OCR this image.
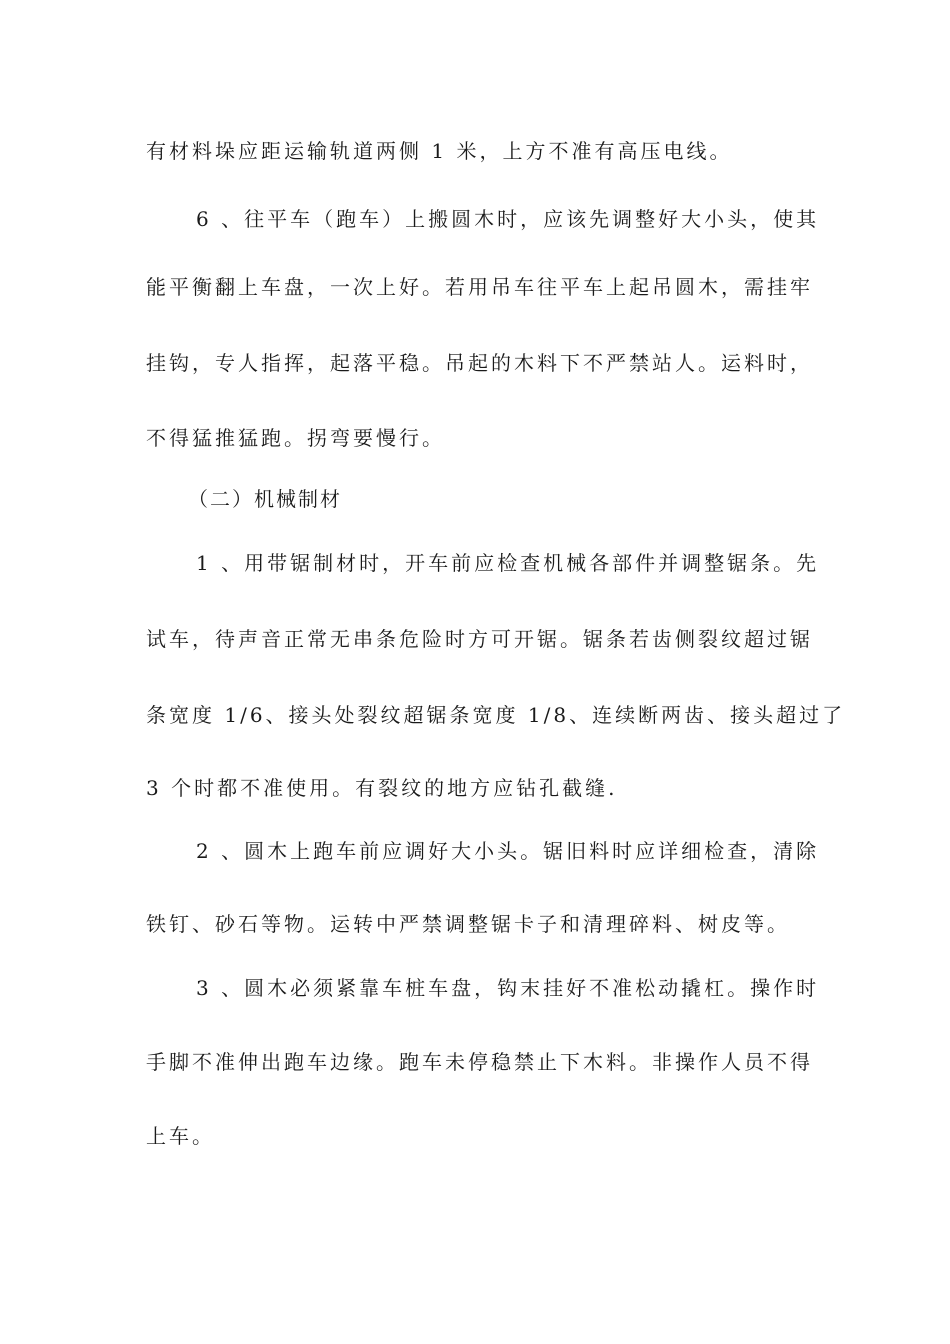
有材料垛应距运输轨道两侧 1 米，上方不准有高压电线。
6 、往平车（跑车）上搬圆木时，应该先调整好大小头，使其
能平衡翻上车盘，一次上好。若用吊车往平车上起吊圆木，需挂牢
挂钩，专人指挥，起落平稳。吊起的木料下不严禁站人。运料时，
不得猛推猛跑。拐弯要慢行。
（二）机械制材
1 、用带锯制材时，开车前应检查机械各部件并调整锯条。先
试车，待声音正常无串条危险时方可开锯。锯条若齿侧裂纹超过锯
条宽度 1/6、接头处裂纹超锯条宽度 1/8、连续断两齿、接头超过了
3 个时都不准使用。有裂纹的地方应钻孔截缝.
2 、圆木上跑车前应调好大小头。锯旧料时应详细检查，清除
铁钉、砂石等物。运转中严禁调整锯卡子和清理碎料、树皮等。
3 、圆木必须紧靠车桩车盘，钩末挂好不准松动撬杠。操作时
手脚不准伸出跑车边缘。跑车未停稳禁止下木料。非操作人员不得
上车。
